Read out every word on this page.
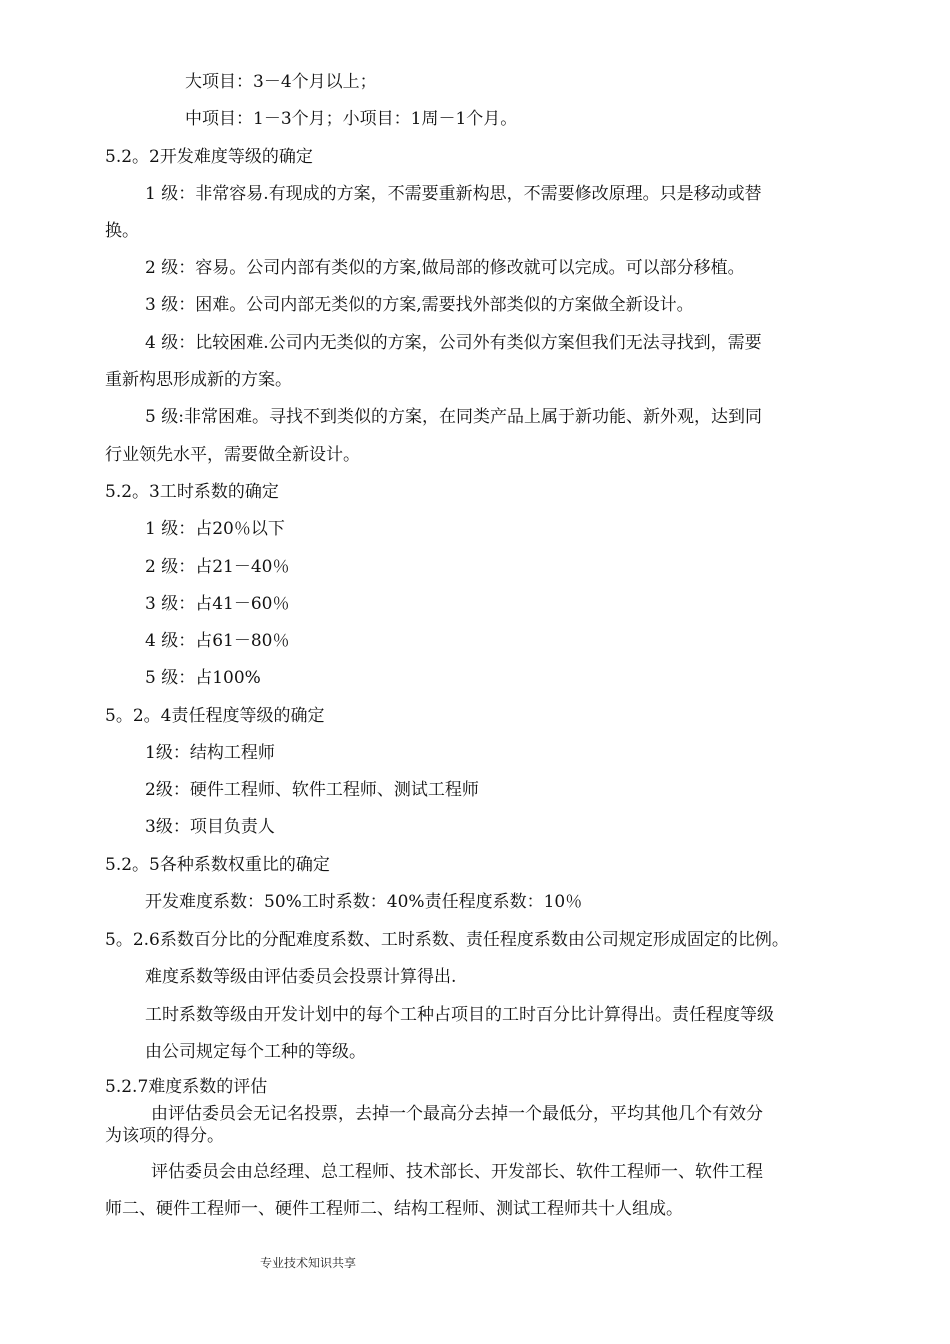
大项目：3－4个月以上；
中项目：1－3个月；小项目：1周－1个月。
5.2。2开发难度等级的确定
1 级：非常容易.有现成的方案，不需要重新构思，不需要修改原理。只是移动或替
换。
2 级：容易。公司内部有类似的方案,做局部的修改就可以完成。可以部分移植。
3 级：困难。公司内部无类似的方案,需要找外部类似的方案做全新设计。
4 级：比较困难.公司内无类似的方案，公司外有类似方案但我们无法寻找到，需要
重新构思形成新的方案。
5 级:非常困难。寻找不到类似的方案，在同类产品上属于新功能、新外观，达到同
行业领先水平，需要做全新设计。
5.2。3工时系数的确定
1 级：占20％以下
2 级：占21－40％
3 级：占41－60％
4 级：占61－80％
5 级：占100%
5。2。4责任程度等级的确定
1级：结构工程师
2级：硬件工程师、软件工程师、测试工程师
3级：项目负责人
5.2。5各种系数权重比的确定
开发难度系数：50%工时系数：40%责任程度系数：10％
5。2.6系数百分比的分配难度系数、工时系数、责任程度系数由公司规定形成固定的比例。
难度系数等级由评估委员会投票计算得出.
工时系数等级由开发计划中的每个工种占项目的工时百分比计算得出。责任程度等级
由公司规定每个工种的等级。
5.2.7难度系数的评估
由评估委员会无记名投票，去掉一个最高分去掉一个最低分，平均其他几个有效分
为该项的得分。
评估委员会由总经理、总工程师、技术部长、开发部长、软件工程师一、软件工程
师二、硬件工程师一、硬件工程师二、结构工程师、测试工程师共十人组成。
专业技术知识共享
